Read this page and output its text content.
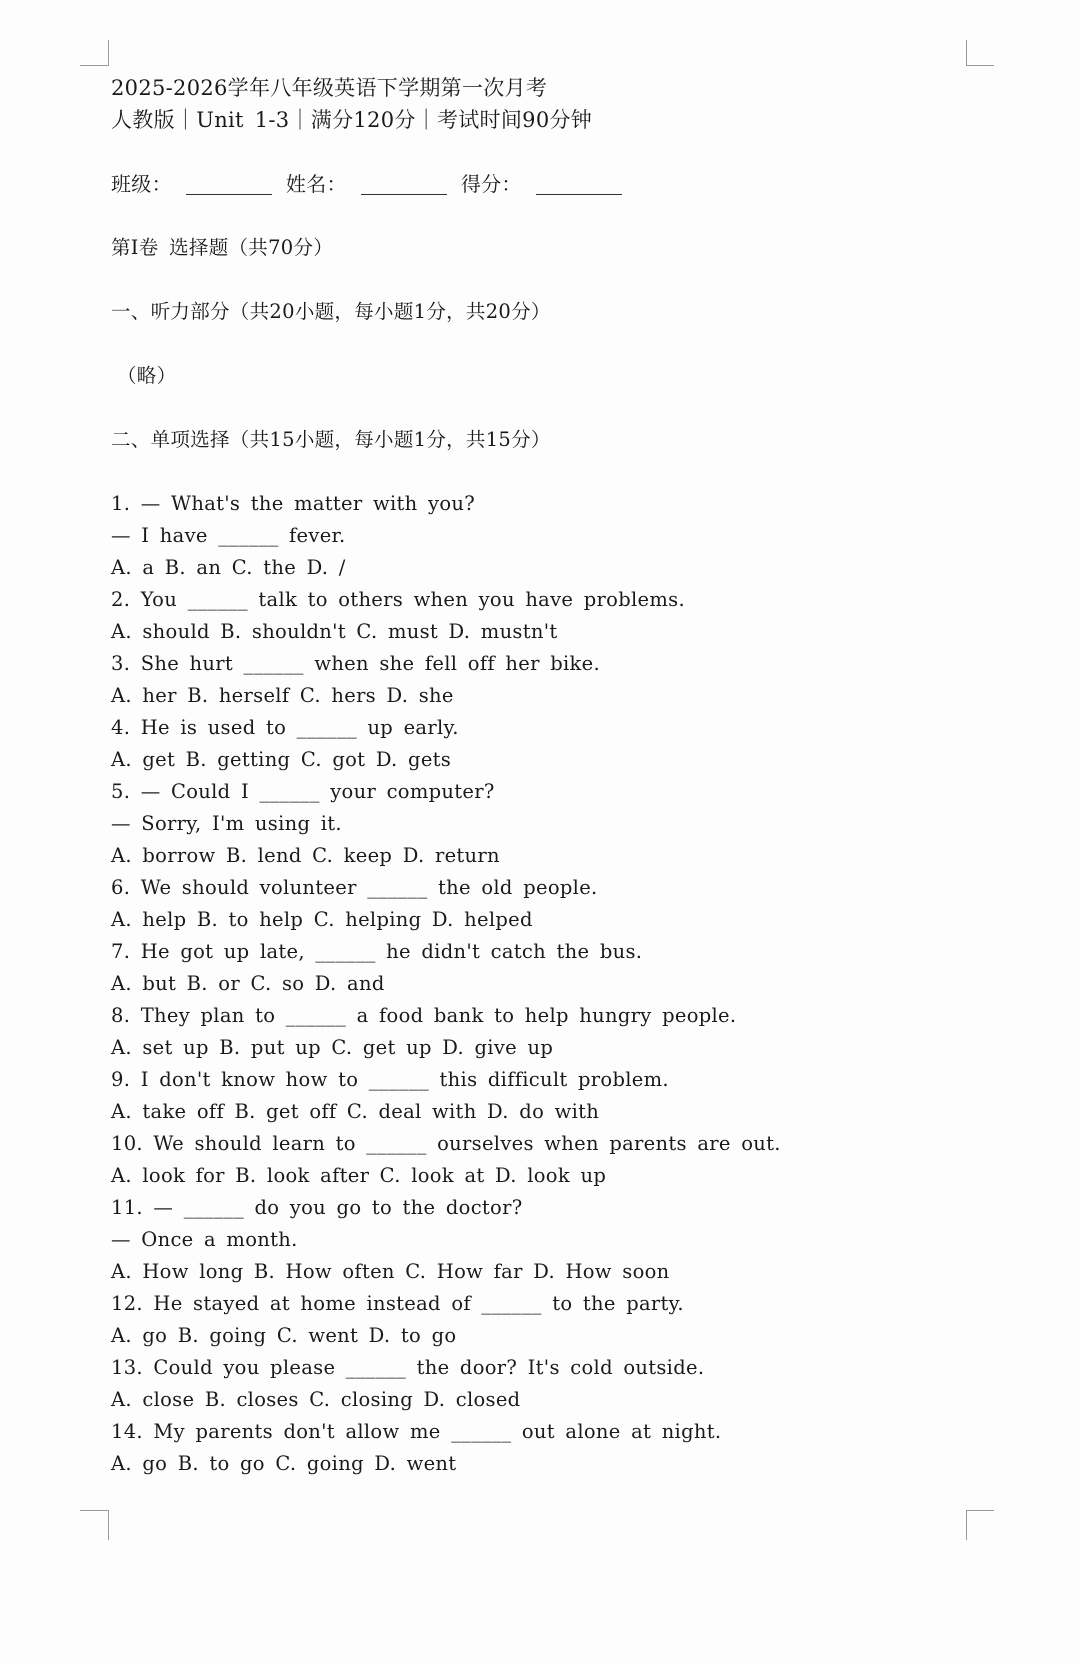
2025-2026学年八年级英语下学期第一次月考
人教版｜Unit 1-3｜满分120分｜考试时间90分钟
班级：	姓名：	得分：
第Ⅰ卷 选择题（共70分）
一、听力部分（共20小题，每小题1分，共20分）
（略）
二、单项选择（共15小题，每小题1分，共15分）
1. — What's the matter with you?
— I have ______ fever.
A. a B. an C. the D. /
2. You ______ talk to others when you have problems.
A. should B. shouldn't C. must D. mustn't
3. She hurt ______ when she fell off her bike.
A. her B. herself C. hers D. she
4. He is used to ______ up early.
A. get B. getting C. got D. gets
5. — Could I ______ your computer?
— Sorry, I'm using it.
A. borrow B. lend C. keep D. return
6. We should volunteer ______ the old people.
A. help B. to help C. helping D. helped
7. He got up late, ______ he didn't catch the bus.
A. but B. or C. so D. and
8. They plan to ______ a food bank to help hungry people.
A. set up B. put up C. get up D. give up
9. I don't know how to ______ this difficult problem.
A. take off B. get off C. deal with D. do with
10. We should learn to ______ ourselves when parents are out.
A. look for B. look after C. look at D. look up
11. — ______ do you go to the doctor?
— Once a month.
A. How long B. How often C. How far D. How soon
12. He stayed at home instead of ______ to the party.
A. go B. going C. went D. to go
13. Could you please ______ the door? It's cold outside.
A. close B. closes C. closing D. closed
14. My parents don't allow me ______ out alone at night.
A. go B. to go C. going D. went
